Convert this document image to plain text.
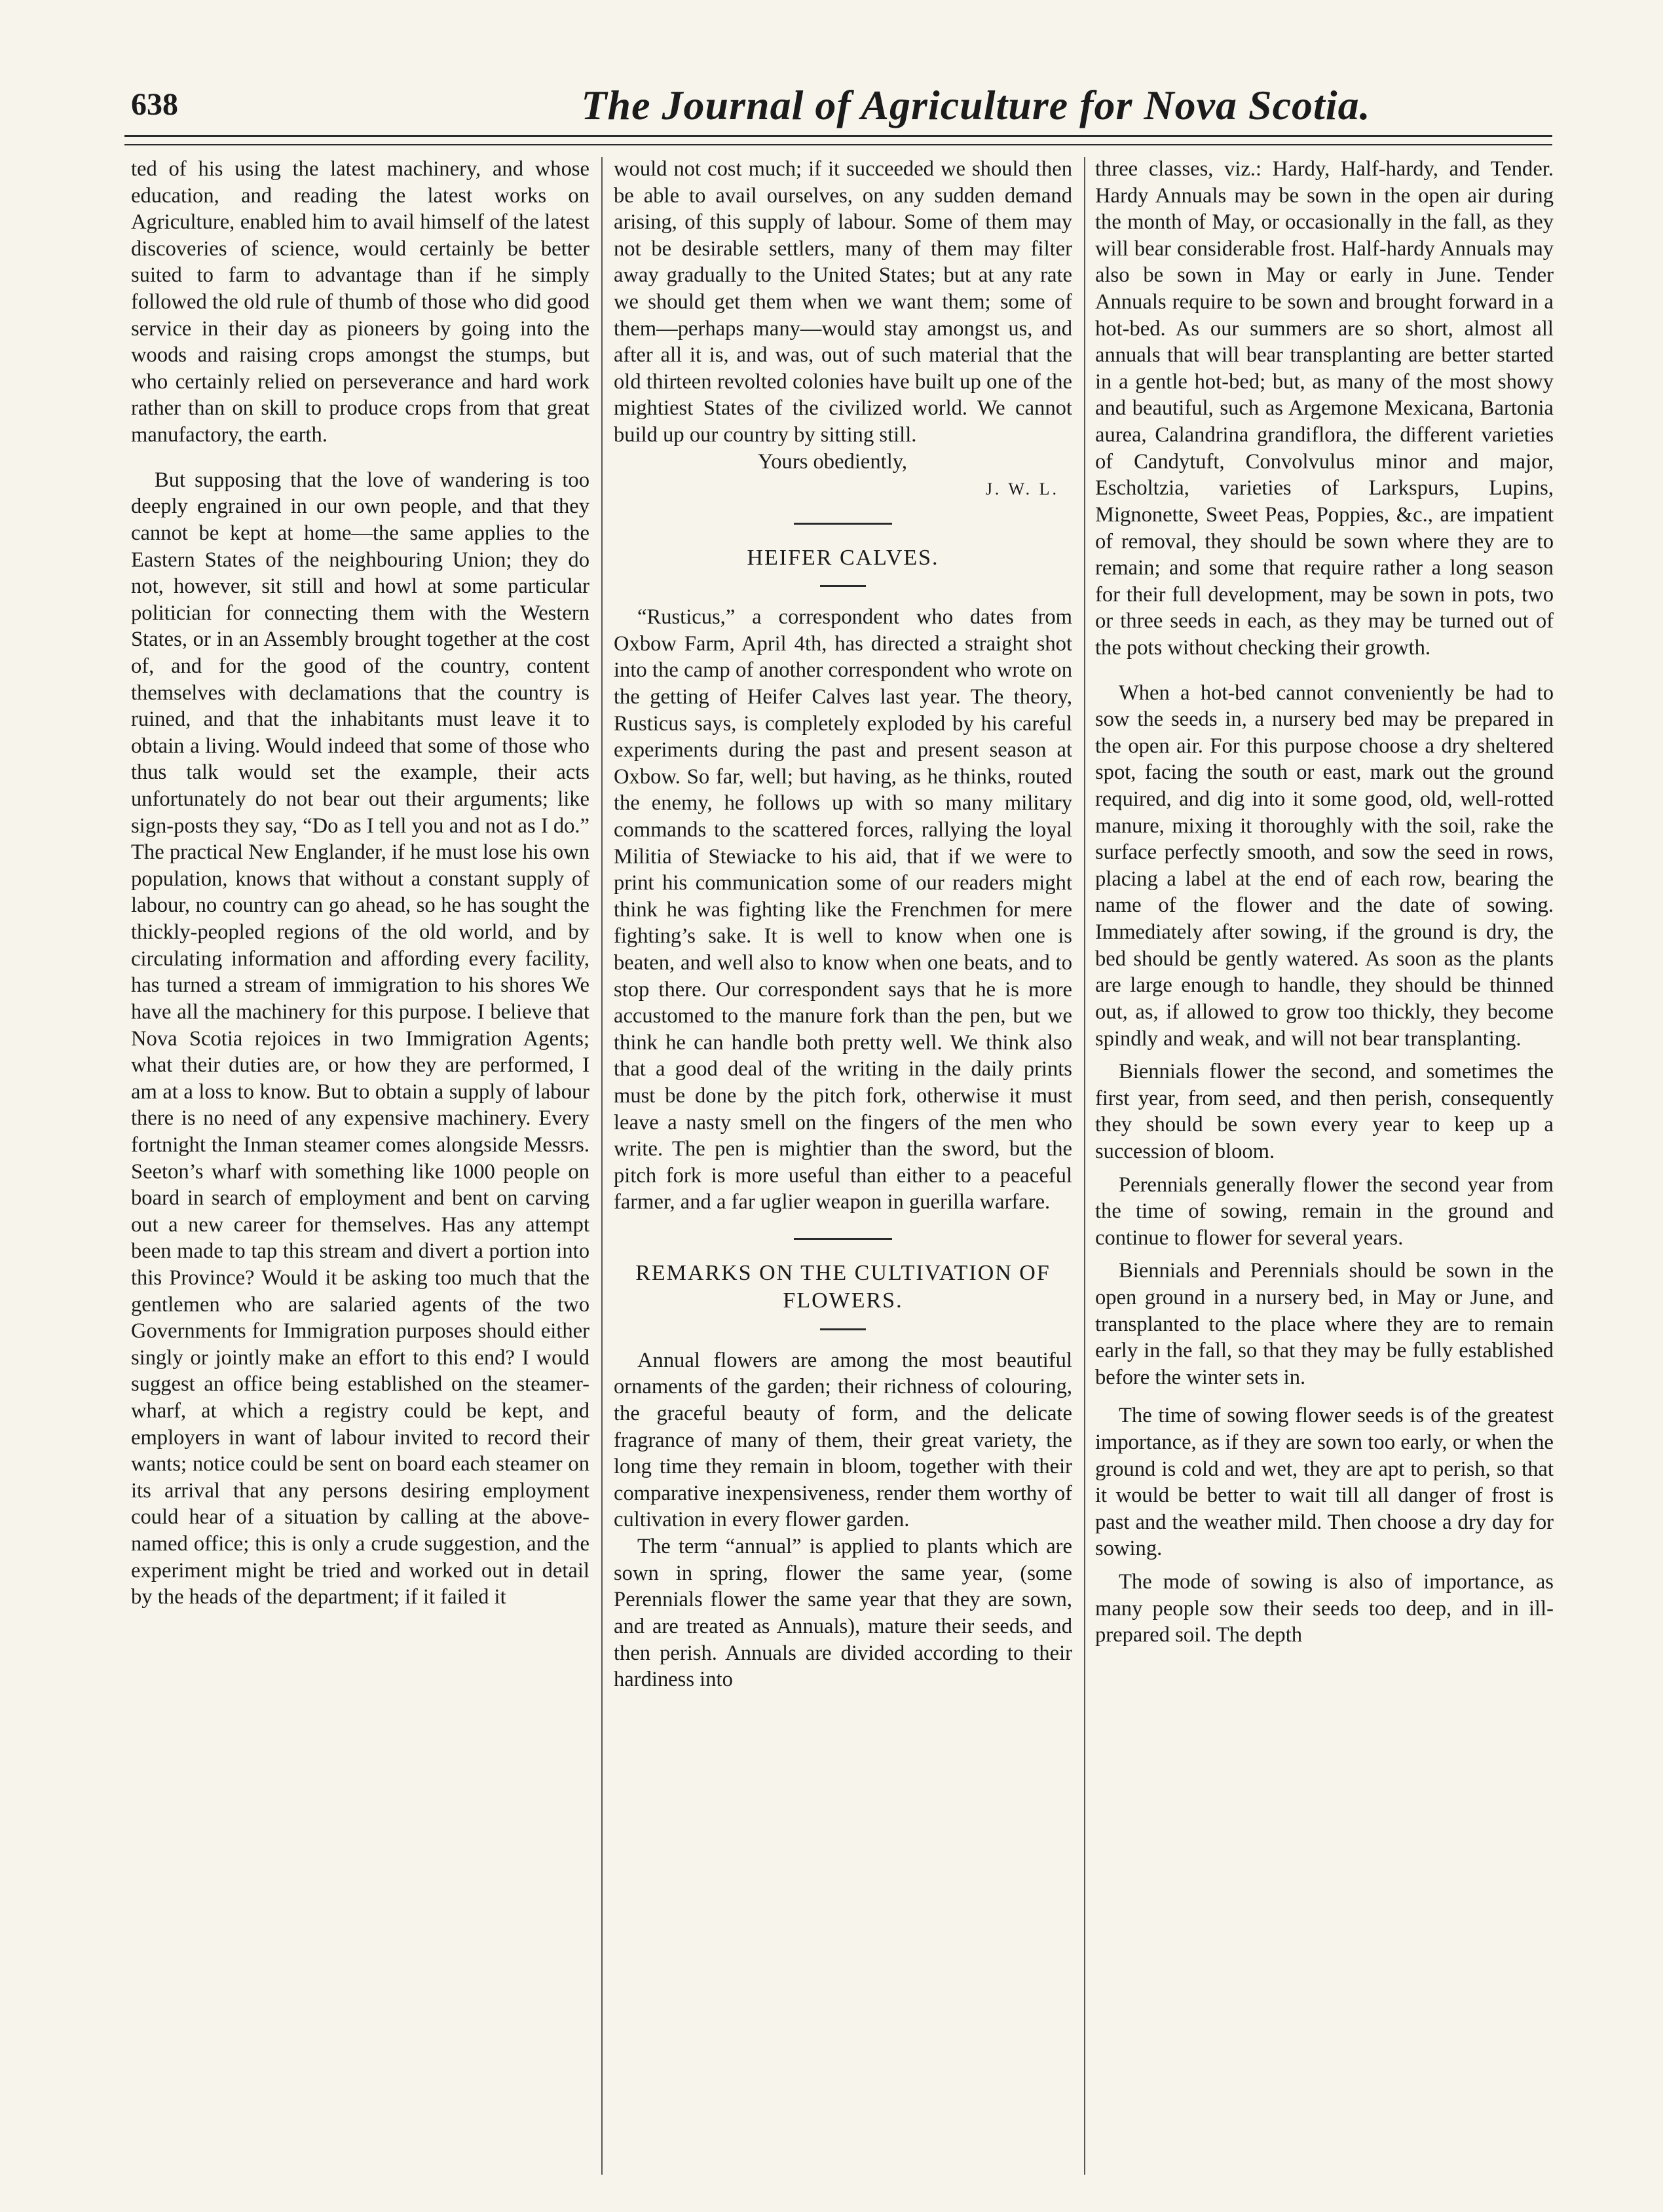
638	The Journal of Agriculture for Nova Scotia.

ted of his using the latest machinery, and whose education, and reading the latest works on Agriculture, enabled him to avail himself of the latest discoveries of science, would certainly be better suited to farm to advantage than if he simply followed the old rule of thumb of those who did good service in their day as pioneers by going into the woods and raising crops amongst the stumps, but who certainly relied on perseverance and hard work rather than on skill to produce crops from that great manufactory, the earth.

But supposing that the love of wandering is too deeply engrained in our own people, and that they cannot be kept at home—the same applies to the Eastern States of the neighbouring Union; they do not, however, sit still and howl at some particular politician for connecting them with the Western States, or in an Assembly brought together at the cost of, and for the good of the country, content themselves with declamations that the country is ruined, and that the inhabitants must leave it to obtain a living. Would indeed that some of those who thus talk would set the example, their acts unfortunately do not bear out their arguments; like sign-posts they say, “Do as I tell you and not as I do.” The practical New Englander, if he must lose his own population, knows that without a constant supply of labour, no country can go ahead, so he has sought the thickly-peopled regions of the old world, and by circulating information and affording every facility, has turned a stream of immigration to his shores We have all the machinery for this purpose. I believe that Nova Scotia rejoices in two Immigration Agents; what their duties are, or how they are performed, I am at a loss to know. But to obtain a supply of labour there is no need of any expensive machinery. Every fortnight the Inman steamer comes alongside Messrs. Seeton’s wharf with something like 1000 people on board in search of employment and bent on carving out a new career for themselves. Has any attempt been made to tap this stream and divert a portion into this Province? Would it be asking too much that the gentlemen who are salaried agents of the two Governments for Immigration purposes should either singly or jointly make an effort to this end? I would suggest an office being established on the steamer-wharf, at which a registry could be kept, and employers in want of labour invited to record their wants; notice could be sent on board each steamer on its arrival that any persons desiring employment could hear of a situation by calling at the above-named office; this is only a crude suggestion, and the experiment might be tried and worked out in detail by the heads of the department; if it failed it

would not cost much; if it succeeded we should then be able to avail ourselves, on any sudden demand arising, of this supply of labour. Some of them may not be desirable settlers, many of them may filter away gradually to the United States; but at any rate we should get them when we want them; some of them—perhaps many—would stay amongst us, and after all it is, and was, out of such material that the old thirteen revolted colonies have built up one of the mightiest States of the civilized world. We cannot build up our country by sitting still.

Yours obediently,

J. W. L.

HEIFER CALVES.

“Rusticus,” a correspondent who dates from Oxbow Farm, April 4th, has directed a straight shot into the camp of another correspondent who wrote on the getting of Heifer Calves last year. The theory, Rusticus says, is completely exploded by his careful experiments during the past and present season at Oxbow. So far, well; but having, as he thinks, routed the enemy, he follows up with so many military commands to the scattered forces, rallying the loyal Militia of Stewiacke to his aid, that if we were to print his communication some of our readers might think he was fighting like the Frenchmen for mere fighting’s sake. It is well to know when one is beaten, and well also to know when one beats, and to stop there. Our correspondent says that he is more accustomed to the manure fork than the pen, but we think he can handle both pretty well. We think also that a good deal of the writing in the daily prints must be done by the pitch fork, otherwise it must leave a nasty smell on the fingers of the men who write. The pen is mightier than the sword, but the pitch fork is more useful than either to a peaceful farmer, and a far uglier weapon in guerilla warfare.

REMARKS ON THE CULTIVATION OF FLOWERS.

Annual flowers are among the most beautiful ornaments of the garden; their richness of colouring, the graceful beauty of form, and the delicate fragrance of many of them, their great variety, the long time they remain in bloom, together with their comparative inexpensiveness, render them worthy of cultivation in every flower garden.

The term “annual” is applied to plants which are sown in spring, flower the same year, (some Perennials flower the same year that they are sown, and are treated as Annuals), mature their seeds, and then perish. Annuals are divided according to their hardiness into

three classes, viz.: Hardy, Half-hardy, and Tender. Hardy Annuals may be sown in the open air during the month of May, or occasionally in the fall, as they will bear considerable frost. Half-hardy Annuals may also be sown in May or early in June. Tender Annuals require to be sown and brought forward in a hot-bed. As our summers are so short, almost all annuals that will bear transplanting are better started in a gentle hot-bed; but, as many of the most showy and beautiful, such as Argemone Mexicana, Bartonia aurea, Calandrina grandiflora, the different varieties of Candytuft, Convolvulus minor and major, Escholtzia, varieties of Larkspurs, Lupins, Mignonette, Sweet Peas, Poppies, &c., are impatient of removal, they should be sown where they are to remain; and some that require rather a long season for their full development, may be sown in pots, two or three seeds in each, as they may be turned out of the pots without checking their growth.

When a hot-bed cannot conveniently be had to sow the seeds in, a nursery bed may be prepared in the open air. For this purpose choose a dry sheltered spot, facing the south or east, mark out the ground required, and dig into it some good, old, well-rotted manure, mixing it thoroughly with the soil, rake the surface perfectly smooth, and sow the seed in rows, placing a label at the end of each row, bearing the name of the flower and the date of sowing. Immediately after sowing, if the ground is dry, the bed should be gently watered. As soon as the plants are large enough to handle, they should be thinned out, as, if allowed to grow too thickly, they become spindly and weak, and will not bear transplanting.

Biennials flower the second, and sometimes the first year, from seed, and then perish, consequently they should be sown every year to keep up a succession of bloom.

Perennials generally flower the second year from the time of sowing, remain in the ground and continue to flower for several years.

Biennials and Perennials should be sown in the open ground in a nursery bed, in May or June, and transplanted to the place where they are to remain early in the fall, so that they may be fully established before the winter sets in.

The time of sowing flower seeds is of the greatest importance, as if they are sown too early, or when the ground is cold and wet, they are apt to perish, so that it would be better to wait till all danger of frost is past and the weather mild. Then choose a dry day for sowing.

The mode of sowing is also of importance, as many people sow their seeds too deep, and in ill-prepared soil. The depth
